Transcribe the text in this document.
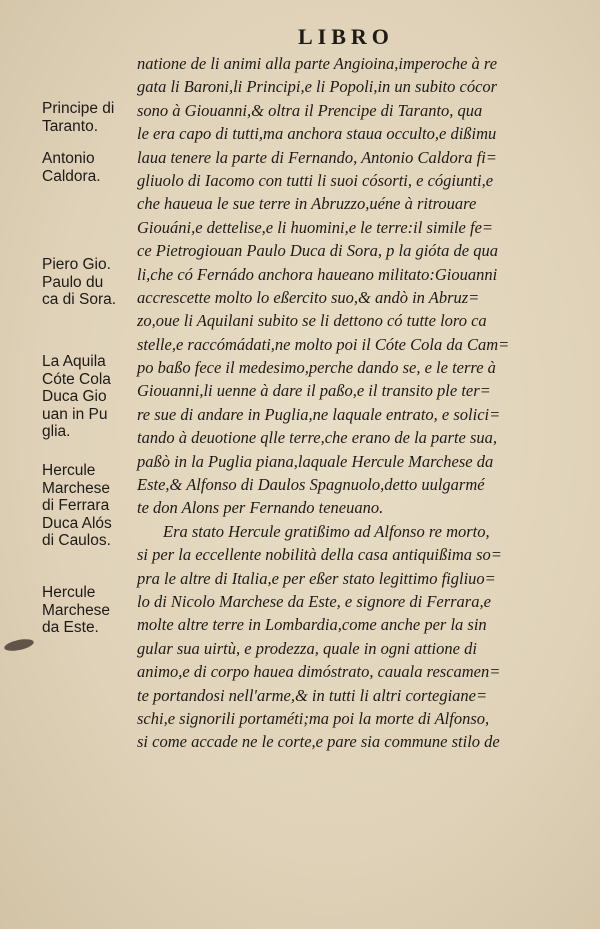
LIBRO
natione de li animi alla parte Angioina,imperoche à re
gata li Baroni,li Principi,e li Popoli,in un subito cócor
sono à Giouanni,& oltra il Prencipe di Taranto, qua
le era capo di tutti,ma anchora staua occulto,e dißimu
laua tenere la parte di Fernando, Antonio Caldora fi=
gliuolo di Iacomo con tutti li suoi cósorti, e cógiunti,e
che haueua le sue terre in Abruzzo,uéne à ritrouare
Giouáni,e dettelise,e li huomini,e le terre:il simile fe=
ce Pietrogiouan Paulo Duca di Sora, p la gióta de qua
li,che có Fernádo anchora haueano militato:Giouanni
accrescette molto lo eßercito suo,& andò in Abruz=
zo,oue li Aquilani subito se li dettono có tutte loro ca
stelle,e raccómádati,ne molto poi il Cóte Cola da Cam=
po baßo fece il medesimo,perche dando se, e le terre à
Giouanni,li uenne à dare il paßo,e il transito ple ter=
re sue di andare in Puglia,ne laquale entrato, e solici=
tando à deuotione qlle terre,che erano de la parte sua,
paßò in la Puglia piana,laquale Hercule Marchese da
Este,& Alfonso di Daulos Spagnuolo,detto uulgarmé
te don Alons per Fernando teneuano.
Era stato Hercule gratißimo ad Alfonso re morto,
si per la eccellente nobilità della casa antiquißima so=
pra le altre di Italia,e per eßer stato legittimo figliuo=
lo di Nicolo Marchese da Este, e signore di Ferrara,e
molte altre terre in Lombardia,come anche per la sin
gular sua uirtù, e prodezza, quale in ogni attione di
animo,e di corpo hauea dimóstrato, cauala rescamen=
te portandosi nell'arme,& in tutti li altri cortegiane=
schi,e signorili portaméti;ma poi la morte di Alfonso,
si come accade ne le corte,e pare sia commune stilo de
Principe di
Taranto.
Antonio
Caldora.
Piero Gio.
Paulo du
ca di Sora.
La Aquila
Cóte Cola
Duca Gio
uan in Pu
glia.
Hercule
Marchese
di Ferrara
Duca Alós
di Caulos.
Hercule
Marchese
da Este.
